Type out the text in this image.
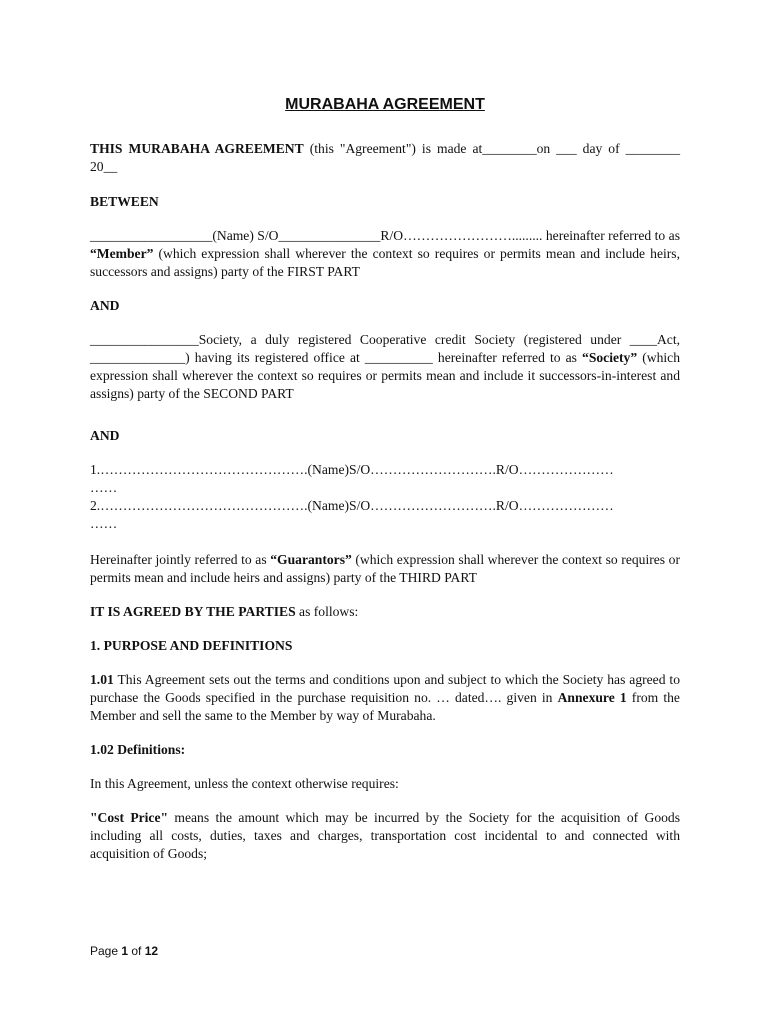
MURABAHA AGREEMENT

THIS MURABAHA AGREEMENT (this "Agreement") is made at________on ___ day of ________ 20__

BETWEEN

__________________(Name) S/O_______________R/O……………………......... hereinafter referred to as “Member” (which expression shall wherever the context so requires or permits mean and include heirs, successors and assigns) party of the FIRST PART

AND

________________Society, a duly registered Cooperative credit Society (registered under ____Act, ______________) having its registered office at __________ hereinafter referred to as “Society” (which expression shall wherever the context so requires or permits mean and include it successors-in-interest and assigns) party of the SECOND PART

AND

1.……………………………………….(Name)S/O……………………….R/O…………………

……

2.……………………………………….(Name)S/O……………………….R/O…………………

……

Hereinafter jointly referred to as “Guarantors” (which expression shall wherever the context so requires or permits mean and include heirs and assigns) party of the THIRD PART

IT IS AGREED BY THE PARTIES as follows:

1. PURPOSE AND DEFINITIONS

1.01 This Agreement sets out the terms and conditions upon and subject to which the Society has agreed to purchase the Goods specified in the purchase requisition no. … dated…. given in Annexure 1 from the Member and sell the same to the Member by way of Murabaha.

1.02 Definitions:

In this Agreement, unless the context otherwise requires:

"Cost Price" means the amount which may be incurred by the Society for the acquisition of Goods including all costs, duties, taxes and charges, transportation cost incidental to and connected with acquisition of Goods;

Page 1 of 12
